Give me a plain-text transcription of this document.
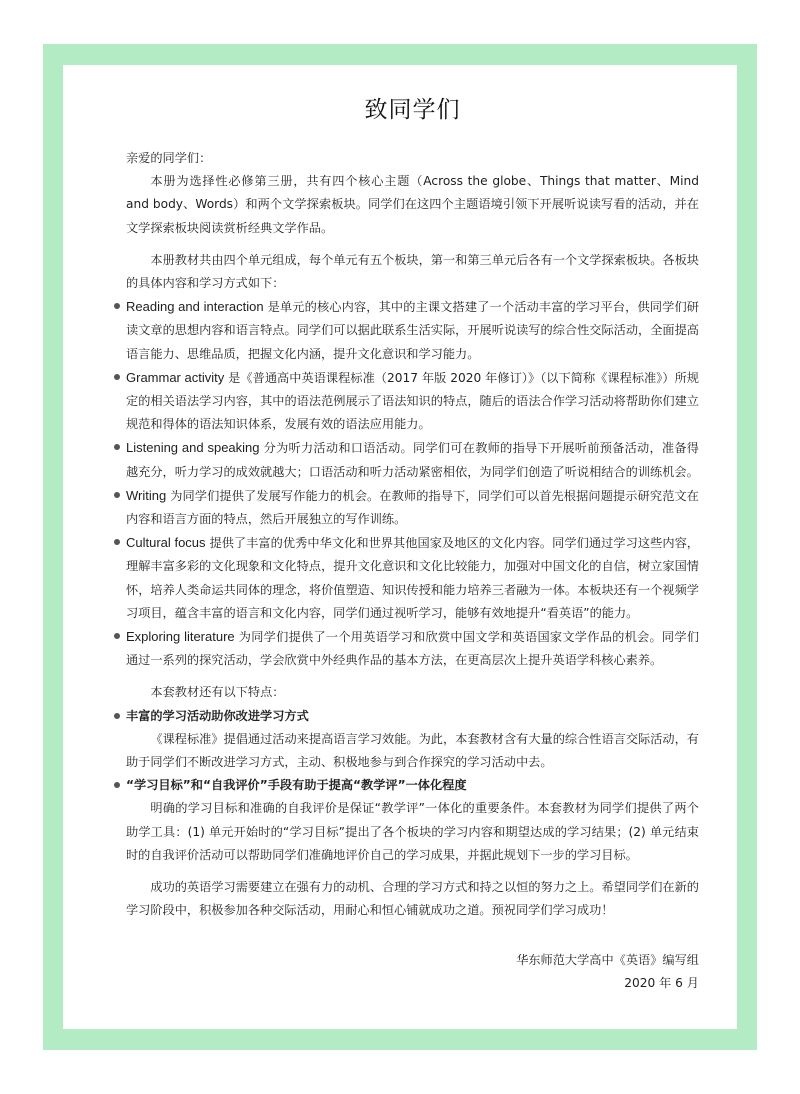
致同学们

亲爱的同学们：

本册为选择性必修第三册，共有四个核心主题（Across the globe、Things that matter、Mind and body、Words）和两个文学探索板块。同学们在这四个主题语境引领下开展听说读写看的活动，并在文学探索板块阅读赏析经典文学作品。

本册教材共由四个单元组成，每个单元有五个板块，第一和第三单元后各有一个文学探索板块。各板块的具体内容和学习方式如下：

Reading and interaction 是单元的核心内容，其中的主课文搭建了一个活动丰富的学习平台，供同学们研读文章的思想内容和语言特点。同学们可以据此联系生活实际，开展听说读写的综合性交际活动，全面提高语言能力、思维品质，把握文化内涵，提升文化意识和学习能力。
Grammar activity 是《普通高中英语课程标准（2017 年版 2020 年修订）》（以下简称《课程标准》）所规定的相关语法学习内容，其中的语法范例展示了语法知识的特点，随后的语法合作学习活动将帮助你们建立规范和得体的语法知识体系，发展有效的语法应用能力。
Listening and speaking 分为听力活动和口语活动。同学们可在教师的指导下开展听前预备活动，准备得越充分，听力学习的成效就越大；口语活动和听力活动紧密相依，为同学们创造了听说相结合的训练机会。
Writing 为同学们提供了发展写作能力的机会。在教师的指导下，同学们可以首先根据问题提示研究范文在内容和语言方面的特点，然后开展独立的写作训练。
Cultural focus 提供了丰富的优秀中华文化和世界其他国家及地区的文化内容。同学们通过学习这些内容，理解丰富多彩的文化现象和文化特点，提升文化意识和文化比较能力，加强对中国文化的自信，树立家国情怀，培养人类命运共同体的理念，将价值塑造、知识传授和能力培养三者融为一体。本板块还有一个视频学习项目，蕴含丰富的语言和文化内容，同学们通过视听学习，能够有效地提升“看英语”的能力。
Exploring literature 为同学们提供了一个用英语学习和欣赏中国文学和英语国家文学作品的机会。同学们通过一系列的探究活动，学会欣赏中外经典作品的基本方法，在更高层次上提升英语学科核心素养。

本套教材还有以下特点：

丰富的学习活动助你改进学习方式

《课程标准》提倡通过活动来提高语言学习效能。为此，本套教材含有大量的综合性语言交际活动，有助于同学们不断改进学习方式，主动、积极地参与到合作探究的学习活动中去。

“学习目标”和“自我评价”手段有助于提高“教学评”一体化程度

明确的学习目标和准确的自我评价是保证“教学评”一体化的重要条件。本套教材为同学们提供了两个助学工具：(1) 单元开始时的“学习目标”提出了各个板块的学习内容和期望达成的学习结果；(2) 单元结束时的自我评价活动可以帮助同学们准确地评价自己的学习成果，并据此规划下一步的学习目标。

成功的英语学习需要建立在强有力的动机、合理的学习方式和持之以恒的努力之上。希望同学们在新的学习阶段中，积极参加各种交际活动，用耐心和恒心铺就成功之道。预祝同学们学习成功！

华东师范大学高中《英语》编写组

2020 年 6 月
